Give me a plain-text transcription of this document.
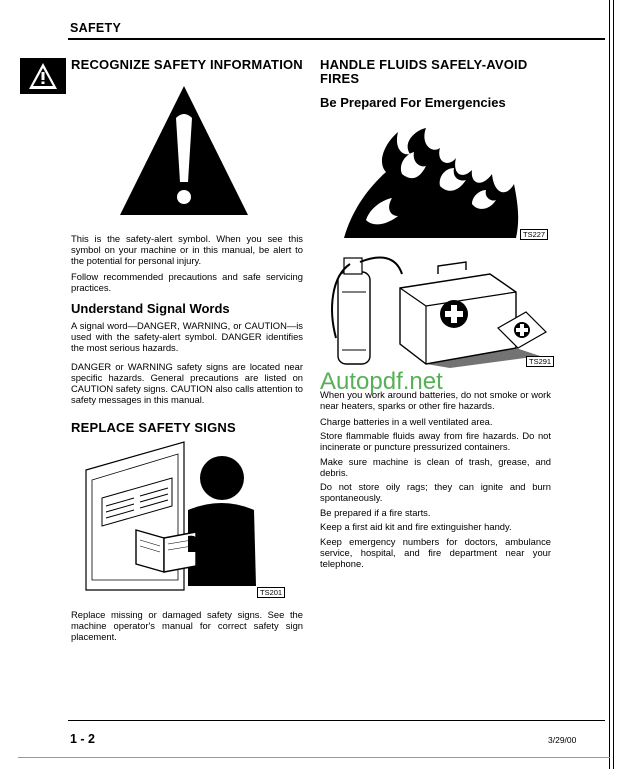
SAFETY
RECOGNIZE SAFETY INFORMATION
This is the safety-alert symbol. When you see this symbol on your machine or in this manual, be alert to the potential for personal injury.
Follow recommended precautions and safe servicing practices.
Understand Signal Words
A signal word—DANGER, WARNING, or CAUTION—is used with the safety-alert symbol. DANGER identifies the most serious hazards.
DANGER or WARNING safety signs are located near specific hazards. General precautions are listed on CAUTION safety signs. CAUTION also calls attention to safety messages in this manual.
REPLACE SAFETY SIGNS
TS201
Replace missing or damaged safety signs. See the machine operator's manual for correct safety sign placement.
HANDLE FLUIDS SAFELY-AVOID
FIRES
Be Prepared For Emergencies
TS227
TS291
When you work around batteries, do not smoke or work near heaters, sparks or other fire hazards.
Charge batteries in a well ventilated area.
Store flammable fluids away from fire hazards. Do not incinerate or puncture pressurized containers.
Make sure machine is clean of trash, grease, and debris.
Do not store oily rags; they can ignite and burn spontaneously.
Be prepared if a fire starts.
Keep a first aid kit and fire extinguisher handy.
Keep emergency numbers for doctors, ambulance service, hospital, and fire department near your telephone.
Autopdf.net
1 - 2	3/29/00
